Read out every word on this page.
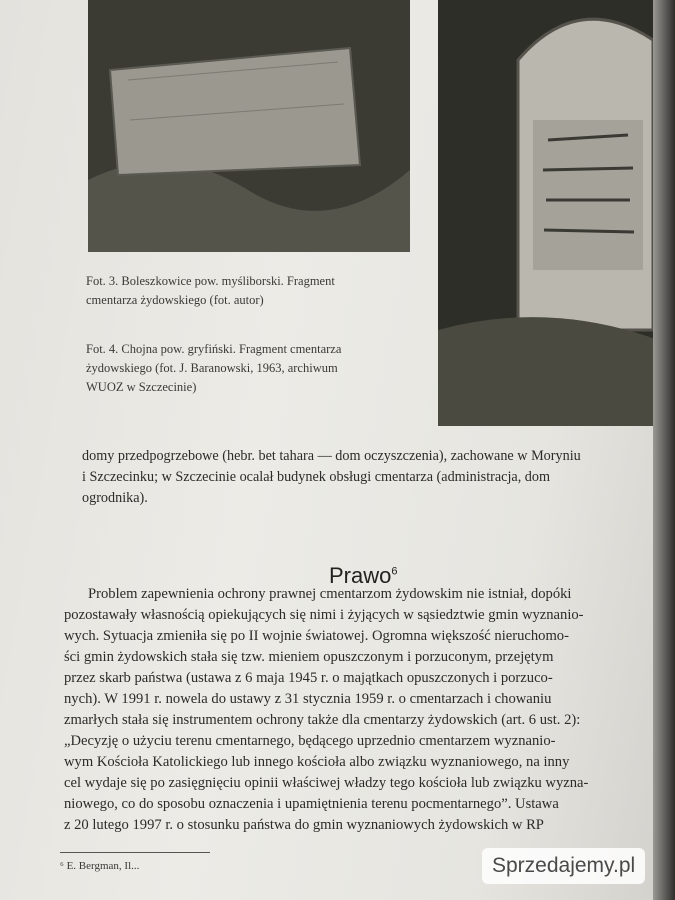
Fot. 3. Boleszkowice pow. myśliborski. Fragment
cmentarza żydowskiego (fot. autor)
Fot. 4. Chojna pow. gryfiński. Fragment cmentarza
żydowskiego (fot. J. Baranowski, 1963, archiwum
WUOZ w Szczecinie)
domy przedpogrzebowe (hebr. bet tahara — dom oczyszczenia), zachowane w Moryniu
i Szczecinku; w Szczecinie ocalał budynek obsługi cmentarza (administracja, dom
ogrodnika).
Prawo$^6$
Problem zapewnienia ochrony prawnej cmentarzom żydowskim nie istniał, dopóki
pozostawały własnością opiekujących się nimi i żyjących w sąsiedztwie gmin wyznanio-
wych. Sytuacja zmieniła się po II wojnie światowej. Ogromna większość nieruchomo-
ści gmin żydowskich stała się tzw. mieniem opuszczonym i porzuconym, przejętym
przez skarb państwa (ustawa z 6 maja 1945 r. o majątkach opuszczonych i porzuco-
nych). W 1991 r. nowela do ustawy z 31 stycznia 1959 r. o cmentarzach i chowaniu
zmarłych stała się instrumentem ochrony także dla cmentarzy żydowskich (art. 6 ust. 2):
„Decyzję o użyciu terenu cmentarnego, będącego uprzednio cmentarzem wyznanio-
wym Kościoła Katolickiego lub innego kościoła albo związku wyznaniowego, na inny
cel wydaje się po zasięgnięciu opinii właściwej władzy tego kościoła lub związku wyzna-
niowego, co do sposobu oznaczenia i upamiętnienia terenu pocmentarnego”. Ustawa
z 20 lutego 1997 r. o stosunku państwa do gmin wyznaniowych żydowskich w RP
⁶ E. Bergman, Il...	Sprzedajemy.pl
